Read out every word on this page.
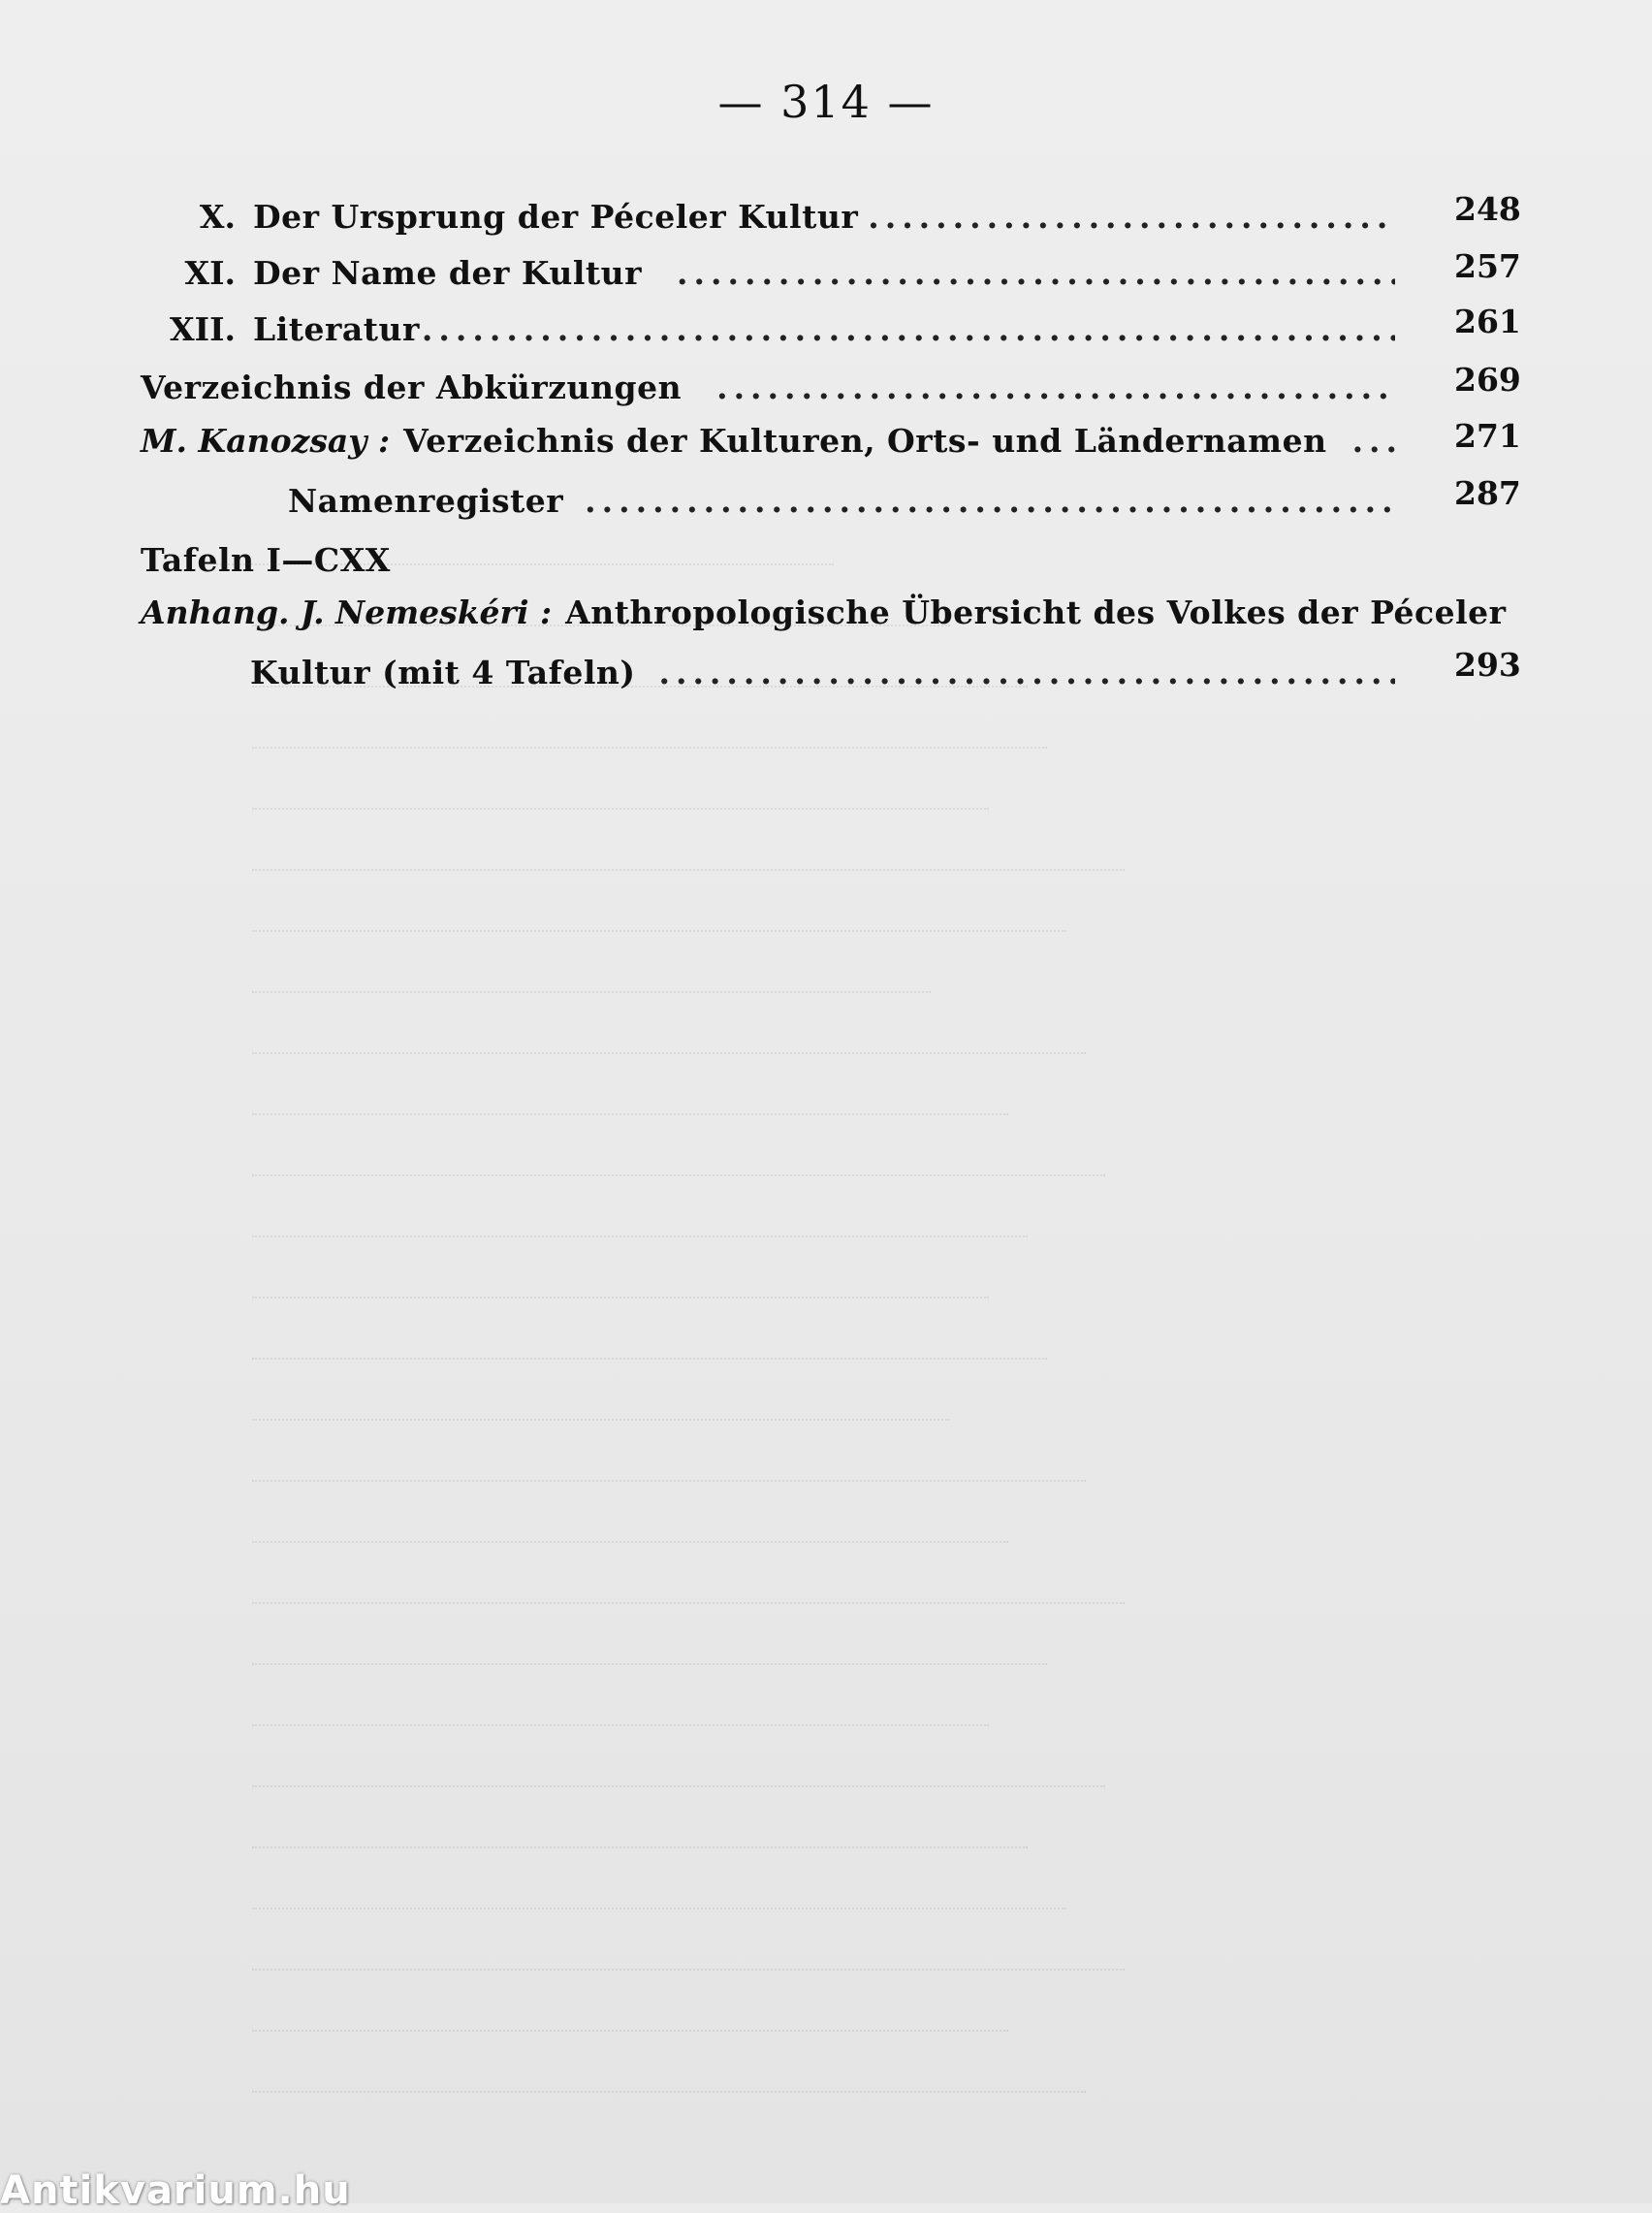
— 314 —
X. Der Ursprung der Péceler Kultur .....	248
XI. Der Name der Kultur .....	257
XII. Literatur .....	261
Verzeichnis der Abkürzungen .....	269
M. Kanozsay : Verzeichnis der Kulturen, Orts- und Ländernamen .....	271
Namenregister .....	287
Tafeln I—CXX
Anhang. J. Nemeskéri : Anthropologische Übersicht des Volkes der Péceler
Kultur (mit 4 Tafeln) .....	293
Antikvarium.hu
